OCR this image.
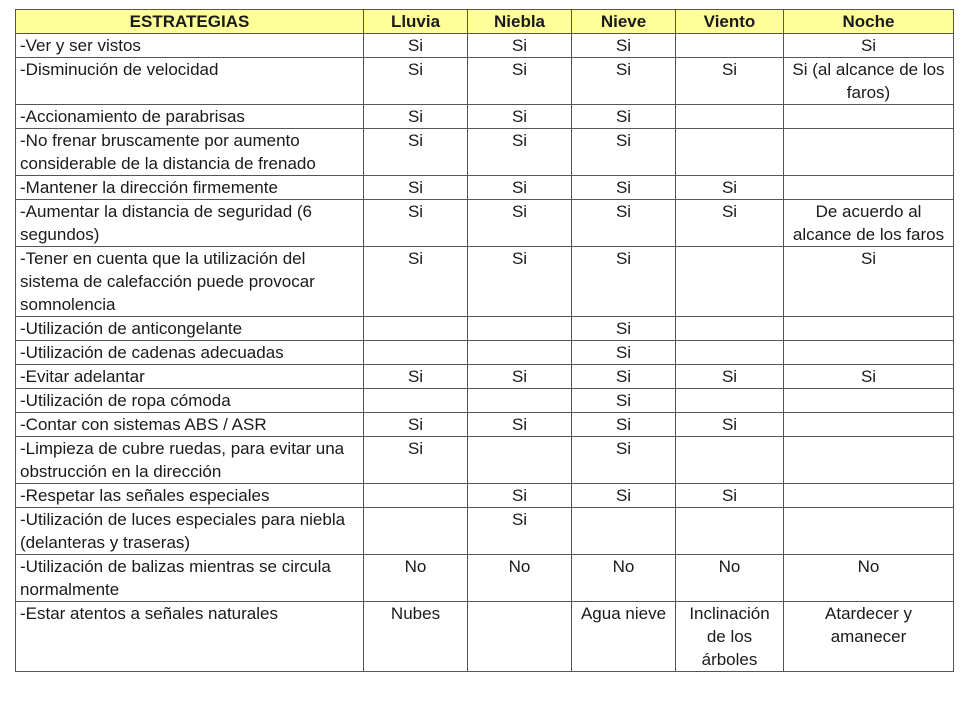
ESTRATEGIAS	Lluvia	Niebla	Nieve	Viento	Noche
-Ver y ser vistos	Si	Si	Si		Si
-Disminución de velocidad	Si	Si	Si	Si	Si (al alcance de los faros)
-Accionamiento de parabrisas	Si	Si	Si		
-No frenar bruscamente por aumento considerable de la distancia de frenado	Si	Si	Si		
-Mantener la dirección firmemente	Si	Si	Si	Si	
-Aumentar la distancia de seguridad (6 segundos)	Si	Si	Si	Si	De acuerdo al alcance de los faros
-Tener en cuenta que la utilización del sistema de calefacción puede provocar somnolencia	Si	Si	Si		Si
-Utilización de anticongelante			Si		
-Utilización de cadenas adecuadas			Si		
-Evitar adelantar	Si	Si	Si	Si	Si
-Utilización de ropa cómoda			Si		
-Contar con sistemas ABS / ASR	Si	Si	Si	Si	
-Limpieza de cubre ruedas, para evitar una obstrucción en la dirección	Si		Si		
-Respetar las señales especiales		Si	Si	Si	
-Utilización de luces especiales para niebla (delanteras y traseras)		Si			
-Utilización de balizas mientras se circula normalmente	No	No	No	No	No
-Estar atentos a señales naturales	Nubes		Agua nieve	Inclinación de los árboles	Atardecer y amanecer
